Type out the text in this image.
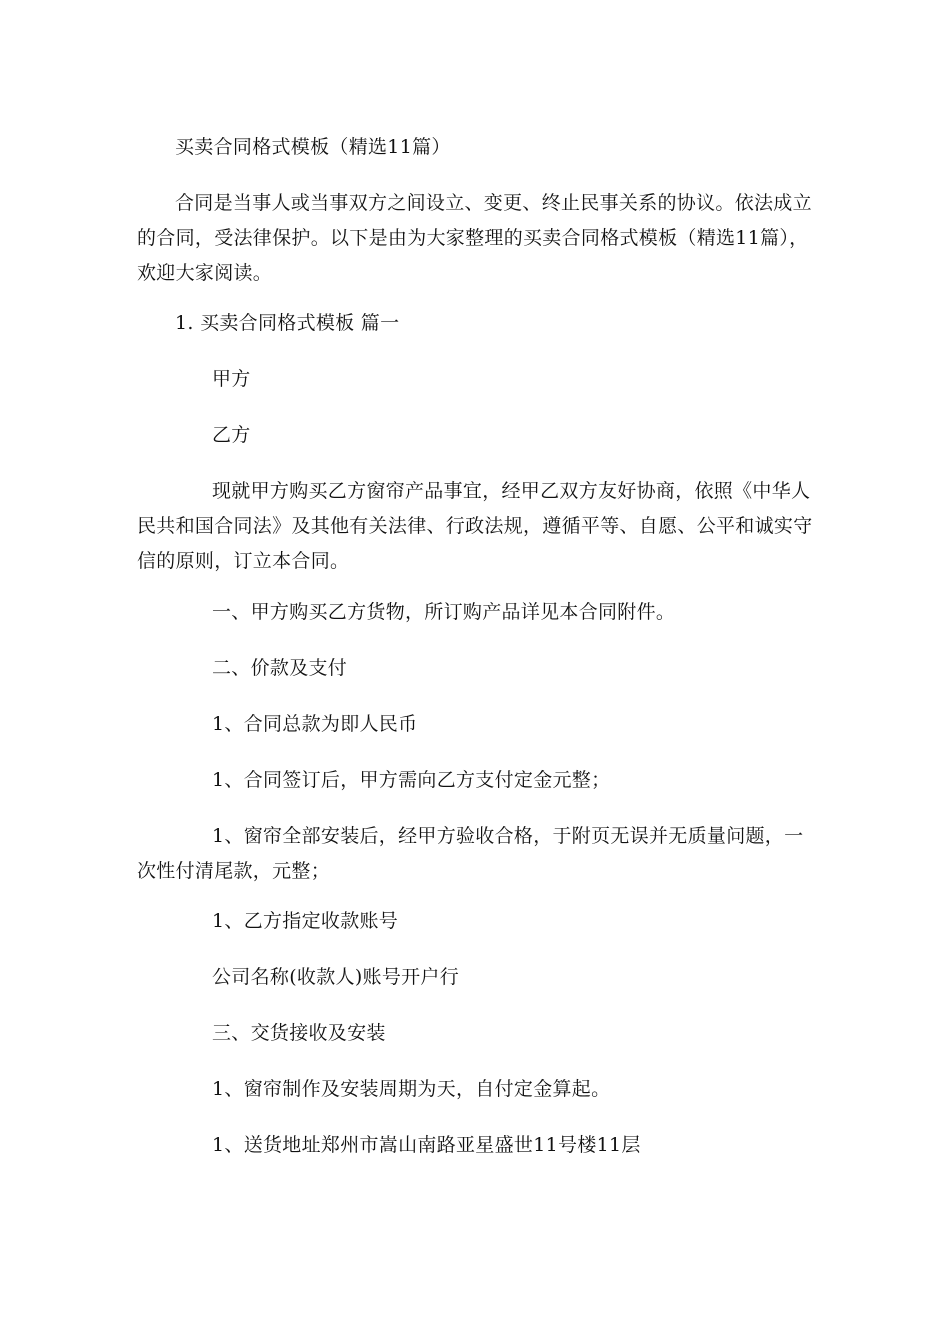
买卖合同格式模板（精选11篇）

合同是当事人或当事双方之间设立、变更、终止民事关系的协议。依法成立
的合同，受法律保护。以下是由为大家整理的买卖合同格式模板（精选11篇），
欢迎大家阅读。

1. 买卖合同格式模板 篇一

甲方

乙方

现就甲方购买乙方窗帘产品事宜，经甲乙双方友好协商，依照《中华人
民共和国合同法》及其他有关法律、行政法规，遵循平等、自愿、公平和诚实守
信的原则，订立本合同。

一、甲方购买乙方货物，所订购产品详见本合同附件。

二、价款及支付

1、合同总款为即人民币

1、合同签订后，甲方需向乙方支付定金元整；

1、窗帘全部安装后，经甲方验收合格，于附页无误并无质量问题，一
次性付清尾款，元整；

1、乙方指定收款账号

公司名称(收款人)账号开户行

三、交货接收及安装

1、窗帘制作及安装周期为天，自付定金算起。

1、送货地址郑州市嵩山南路亚星盛世11号楼11层
